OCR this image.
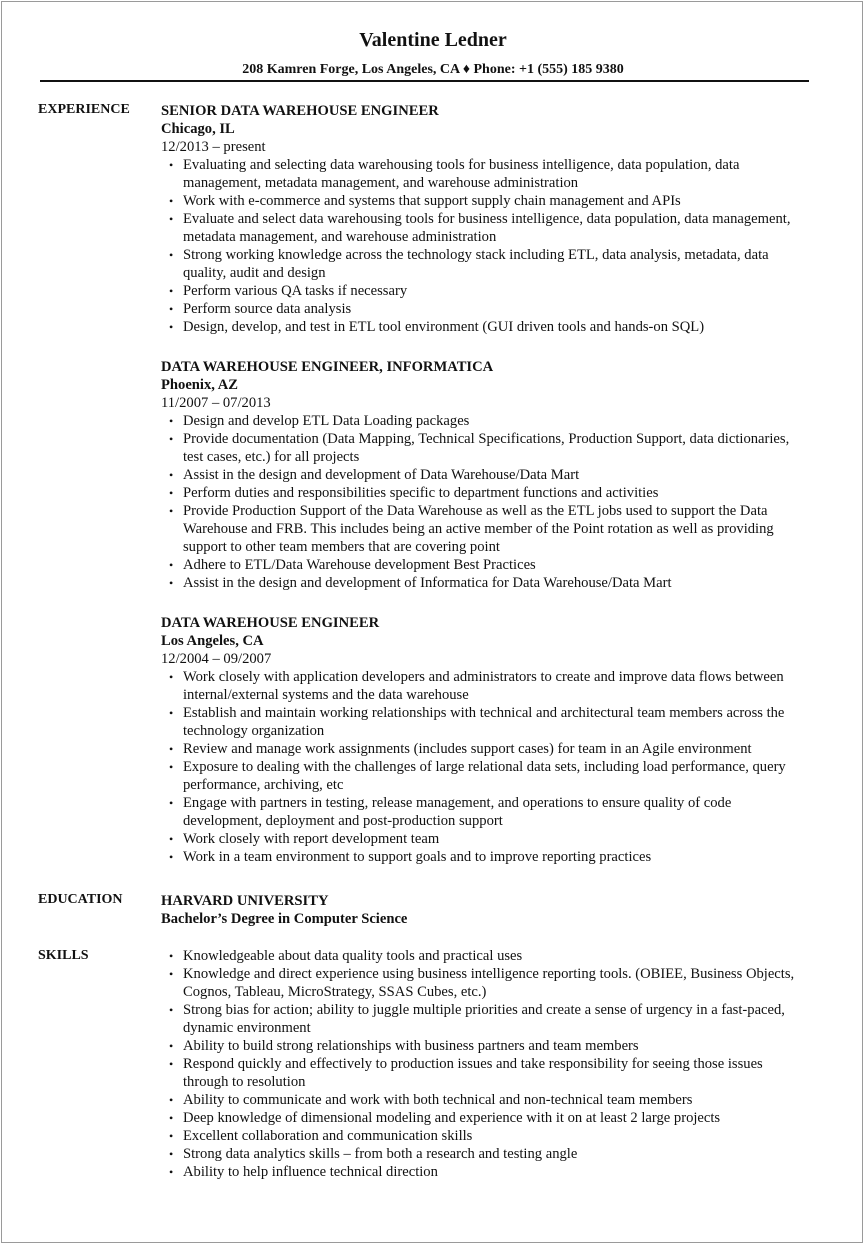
Valentine Ledner
208 Kamren Forge, Los Angeles, CA ♦ Phone: +1 (555) 185 9380
EXPERIENCE SENIOR DATA WAREHOUSE ENGINEER

Chicago, IL

12/2013 – present

• Evaluating and selecting data warehousing tools for business intelligence, data population, data management, metadata management, and warehouse administration
• Work with e-commerce and systems that support supply chain management and APIs
• Evaluate and select data warehousing tools for business intelligence, data population, data management, metadata management, and warehouse administration
• Strong working knowledge across the technology stack including ETL, data analysis, metadata, data quality, audit and design
• Perform various QA tasks if necessary
• Perform source data analysis
• Design, develop, and test in ETL tool environment (GUI driven tools and hands-on SQL)

DATA WAREHOUSE ENGINEER, INFORMATICA

Phoenix, AZ

11/2007 – 07/2013

• Design and develop ETL Data Loading packages
• Provide documentation (Data Mapping, Technical Specifications, Production Support, data dictionaries, test cases, etc.) for all projects
• Assist in the design and development of Data Warehouse/Data Mart
• Perform duties and responsibilities specific to department functions and activities
• Provide Production Support of the Data Warehouse as well as the ETL jobs used to support the Data Warehouse and FRB. This includes being an active member of the Point rotation as well as providing support to other team members that are covering point
• Adhere to ETL/Data Warehouse development Best Practices
• Assist in the design and development of Informatica for Data Warehouse/Data Mart

DATA WAREHOUSE ENGINEER

Los Angeles, CA

12/2004 – 09/2007

• Work closely with application developers and administrators to create and improve data flows between internal/external systems and the data warehouse
• Establish and maintain working relationships with technical and architectural team members across the technology organization
• Review and manage work assignments (includes support cases) for team in an Agile environment
• Exposure to dealing with the challenges of large relational data sets, including load performance, query performance, archiving, etc
• Engage with partners in testing, release management, and operations to ensure quality of code development, deployment and post-production support
• Work closely with report development team
• Work in a team environment to support goals and to improve reporting practices
EDUCATION	HARVARD UNIVERSITY

Bachelor’s Degree in Computer Science

SKILLS
•	Knowledgeable about data quality tools and practical uses
• Knowledge and direct experience using business intelligence reporting tools. (OBIEE, Business Objects, Cognos, Tableau, MicroStrategy, SSAS Cubes, etc.)
• Strong bias for action; ability to juggle multiple priorities and create a sense of urgency in a fast-paced, dynamic environment
• Ability to build strong relationships with business partners and team members
• Respond quickly and effectively to production issues and take responsibility for seeing those issues through to resolution
• Ability to communicate and work with both technical and non-technical team members
• Deep knowledge of dimensional modeling and experience with it on at least 2 large projects
• Excellent collaboration and communication skills
• Strong data analytics skills – from both a research and testing angle
• Ability to help influence technical direction
